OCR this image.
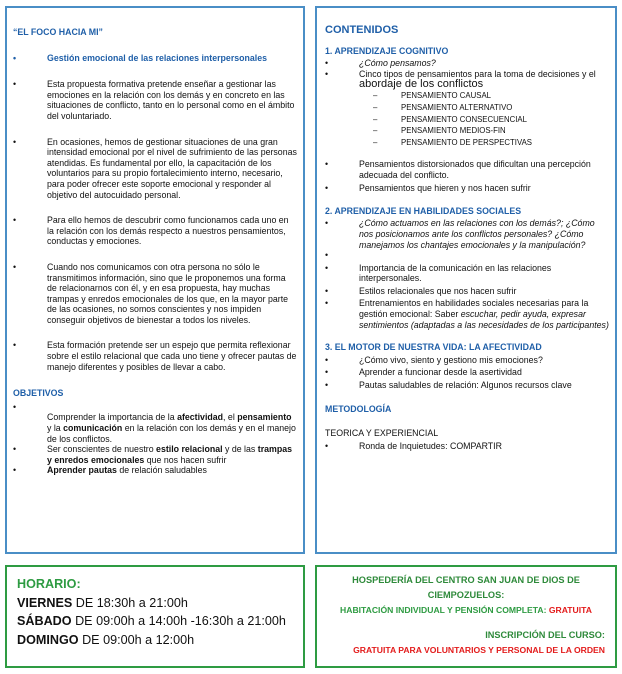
“EL FOCO HACIA MI”
•	Gestión emocional de las relaciones interpersonales
•	Esta propuesta formativa pretende enseñar a gestionar las emociones en la relación con los demás y en concreto en las situaciones de conflicto, tanto en lo personal como en el ámbito del voluntariado.
•	En ocasiones, hemos de gestionar situaciones de una gran intensidad emocional por el nivel de sufrimiento de las personas atendidas. Es fundamental por ello, la capacitación de los voluntarios para su propio fortalecimiento interno, necesario, para poder ofrecer este soporte emocional y responder al objetivo del autocuidado personal.
•	Para ello hemos de descubrir como funcionamos cada uno en la relación con los demás respecto a nuestros pensamientos, conductas y emociones.
•	Cuando nos comunicamos con otra persona no sólo le transmitimos información, sino que le proponemos una forma de relacionarnos con él, y en esa propuesta, hay muchas trampas y enredos emocionales de los que, en la mayor parte de las ocasiones, no somos conscientes y nos impiden conseguir objetivos de bienestar a todos los niveles.
•	Esta formación pretende ser un espejo que permita reflexionar sobre el estilo relacional que cada uno tiene y ofrecer pautas de manejo diferentes y posibles de llevar a cabo.
OBJETIVOS
•
Comprender la importancia de la afectividad, el pensamiento y la comunicación en la relación con los demás y en el manejo de los conflictos.
•	Ser conscientes de nuestro estilo relacional y de las trampas y enredos emocionales que nos hacen sufrir
•	Aprender pautas de relación saludables
CONTENIDOS
1. APRENDIZAJE COGNITIVO
•	¿Cómo pensamos?
•	Cinco tipos de pensamientos para la toma de decisiones y el abordaje de los conflictos
–	PENSAMIENTO CAUSAL
–	PENSAMIENTO ALTERNATIVO
–	PENSAMIENTO CONSECUENCIAL
–	PENSAMIENTO MEDIOS-FIN
–	PENSAMIENTO DE PERSPECTIVAS
•	Pensamientos distorsionados que dificultan una percepción adecuada del conflicto.
•	Pensamientos que hieren y nos hacen sufrir
2. APRENDIZAJE EN HABILIDADES SOCIALES
•	¿Cómo actuamos en las relaciones con los demás?; ¿Cómo nos posicionamos ante los conflictos personales? ¿Cómo manejamos los chantajes emocionales y la manipulación?
•
•	Importancia de la comunicación en las relaciones interpersonales.
•	Estilos relacionales que nos hacen sufrir
•	Entrenamientos en habilidades sociales necesarias para la gestión emocional: Saber escuchar, pedir ayuda, expresar sentimientos (adaptadas a las necesidades de los participantes)
3. EL MOTOR DE NUESTRA VIDA: LA AFECTIVIDAD
•	¿Cómo vivo, siento y gestiono mis emociones?
•	Aprender a funcionar desde la asertividad
•	Pautas saludables de relación: Algunos recursos clave
METODOLOGÍA
TEORICA Y EXPERIENCIAL
•	Ronda de Inquietudes: COMPARTIR
HORARIO:
VIERNES DE 18:30h a 21:00h
SÁBADO DE 09:00h a 14:00h -16:30h a 21:00h
DOMINGO DE 09:00h a 12:00h
HOSPEDERÍA DEL CENTRO SAN JUAN DE DIOS DE
CIEMPOZUELOS:
HABITACIÓN INDIVIDUAL Y PENSIÓN COMPLETA: GRATUITA
INSCRIPCIÓN DEL CURSO:
GRATUITA PARA VOLUNTARIOS Y PERSONAL DE LA ORDEN
